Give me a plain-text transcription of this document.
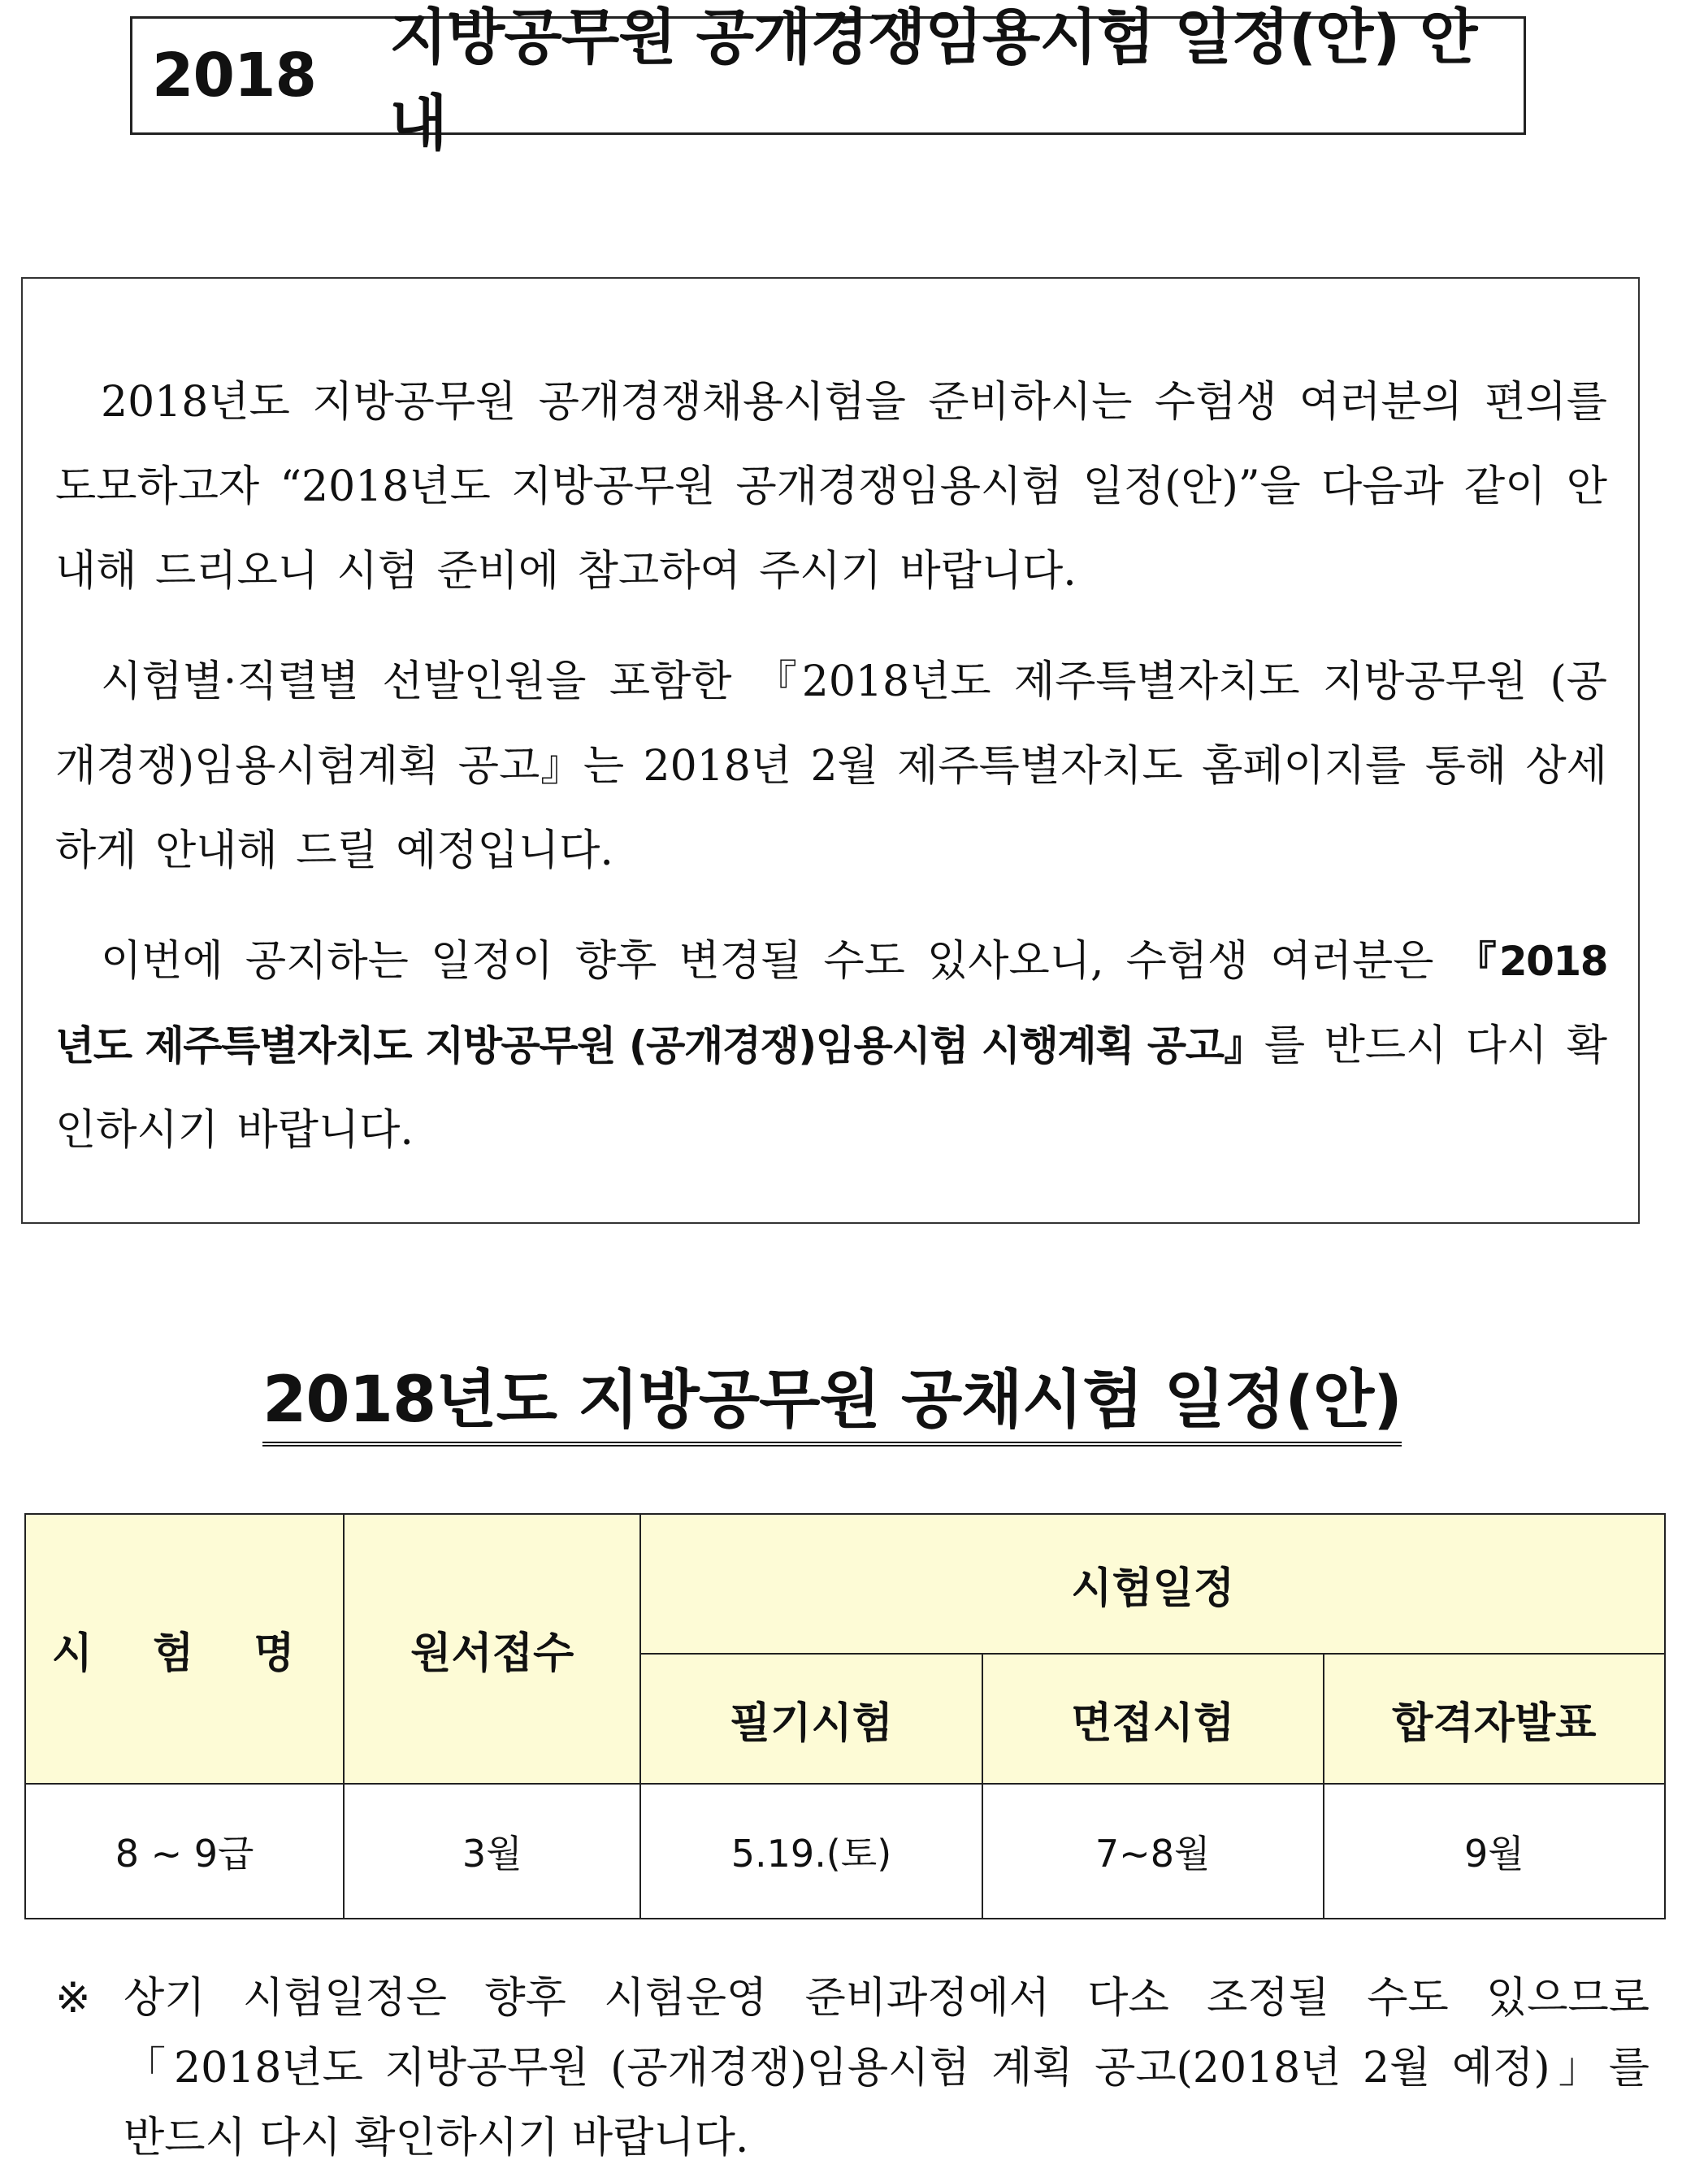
2018
지방공무원 공개경쟁임용시험 일정(안) 안내

2018년도 지방공무원 공개경쟁채용시험을 준비하시는 수험생 여러분의 편의를 도모하고자 “2018년도 지방공무원 공개경쟁임용시험 일정(안)”을 다음과 같이 안내해 드리오니 시험 준비에 참고하여 주시기 바랍니다.

시험별·직렬별 선발인원을 포함한 『2018년도 제주특별자치도 지방공무원 (공개경쟁)임용시험계획 공고』는 2018년 2월 제주특별자치도 홈페이지를 통해 상세하게 안내해 드릴 예정입니다.

이번에 공지하는 일정이 향후 변경될 수도 있사오니, 수험생 여러분은 『2018년도 제주특별자치도 지방공무원 (공개경쟁)임용시험 시행계획 공고』를 반드시 다시 확인하시기 바랍니다.

2018년도 지방공무원 공채시험 일정(안)
시 험 명	원서접수	시험일정		
		필기시험	면접시험	합격자발표
8 ~ 9급	3월	5.19.(토)	7~8월	9월
※ 상기 시험일정은 향후 시험운영 준비과정에서 다소 조정될 수도 있으므로
「2018년도 지방공무원 (공개경쟁)임용시험 계획 공고(2018년 2월 예정)」를
반드시 다시 확인하시기 바랍니다.
